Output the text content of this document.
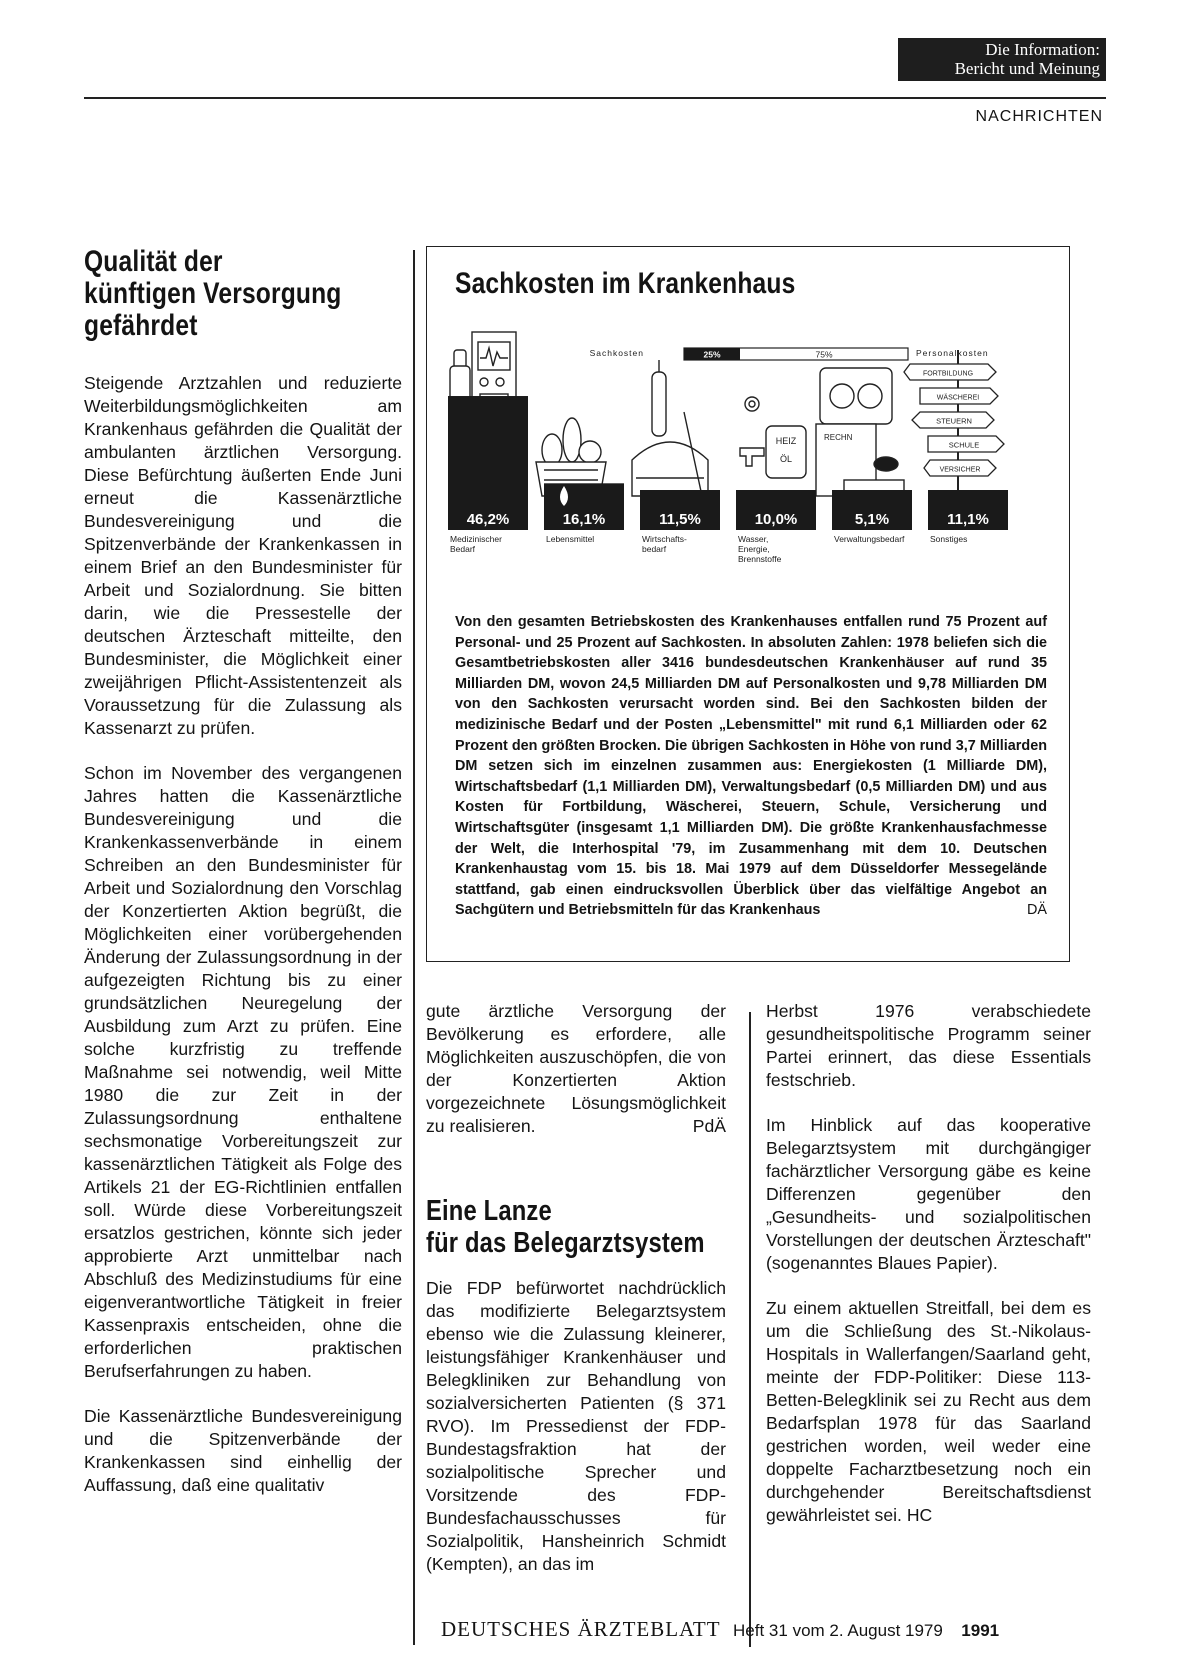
Die Information:
Bericht und Meinung
NACHRICHTEN
Qualität der
künftigen Versorgung
gefährdet

Steigende Arztzahlen und reduzierte Weiterbildungsmöglichkeiten am Krankenhaus gefährden die Qualität der ambulanten ärztlichen Versorgung. Diese Befürchtung äußerten Ende Juni erneut die Kassenärztliche Bundesvereinigung und die Spitzenverbände der Krankenkassen in einem Brief an den Bundesminister für Arbeit und Sozialordnung. Sie bitten darin, wie die Pressestelle der deutschen Ärzteschaft mitteilte, den Bundesminister, die Möglichkeit einer zweijährigen Pflicht-Assistentenzeit als Voraussetzung für die Zulassung als Kassenarzt zu prüfen.

Schon im November des vergangenen Jahres hatten die Kassenärztliche Bundesvereinigung und die Krankenkassenverbände in einem Schreiben an den Bundesminister für Arbeit und Sozialordnung den Vorschlag der Konzertierten Aktion begrüßt, die Möglichkeiten einer vorübergehenden Änderung der Zulassungsordnung in der aufgezeigten Richtung bis zu einer grundsätzlichen Neuregelung der Ausbildung zum Arzt zu prüfen. Eine solche kurzfristig zu treffende Maßnahme sei notwendig, weil Mitte 1980 die zur Zeit in der Zulassungsordnung enthaltene sechsmonatige Vorbereitungszeit zur kassenärztlichen Tätigkeit als Folge des Artikels 21 der EG-Richtlinien entfallen soll. Würde diese Vorbereitungszeit ersatzlos gestrichen, könnte sich jeder approbierte Arzt unmittelbar nach Abschluß des Medizinstudiums für eine eigenverantwortliche Tätigkeit in freier Kassenpraxis entscheiden, ohne die erforderlichen praktischen Berufserfahrungen zu haben.

Die Kassenärztliche Bundesvereinigung und die Spitzenverbände der Krankenkassen sind einhellig der Auffassung, daß eine qualitativ

Sachkosten im Krankenhaus
Sachkosten	25%	75%	Personalkosten
HEIZ
ÖL
RECHN
FORTBILDUNG
WÄSCHEREI
STEUERN
SCHULE
VERSICHER
46,2%	16,1%	11,5%	10,0%	5,1%	11,1%
Medizinischer Bedarf
Lebensmittel	Wirtschafts-bedarf
Wasser, Energie, Brennstoffe
Verwaltungsbedarf	Sonstiges
Von den gesamten Betriebskosten des Krankenhauses entfallen rund 75 Prozent auf Personal- und 25 Prozent auf Sachkosten. In absoluten Zahlen: 1978 beliefen sich die Gesamtbetriebskosten aller 3416 bundesdeutschen Krankenhäuser auf rund 35 Milliarden DM, wovon 24,5 Milliarden DM auf Personalkosten und 9,78 Milliarden DM von den Sachkosten verursacht worden sind. Bei den Sachkosten bilden der medizinische Bedarf und der Posten „Lebensmittel" mit rund 6,1 Milliarden oder 62 Prozent den größten Brocken. Die übrigen Sachkosten in Höhe von rund 3,7 Milliarden DM setzen sich im einzelnen zusammen aus: Energiekosten (1 Milliarde DM), Wirtschaftsbedarf (1,1 Milliarden DM), Verwaltungsbedarf (0,5 Milliarden DM) und aus Kosten für Fortbildung, Wäscherei, Steuern, Schule, Versicherung und Wirtschaftsgüter (insgesamt 1,1 Milliarden DM). Die größte Krankenhausfachmesse der Welt, die Interhospital '79, im Zusammenhang mit dem 10. Deutschen Krankenhaustag vom 15. bis 18. Mai 1979 auf dem Düsseldorfer Messegelände stattfand, gab einen eindrucksvollen Überblick über das vielfältige Angebot an Sachgütern und Betriebsmitteln für das Krankenhaus	DÄ
gute ärztliche Versorgung der Bevölkerung es erfordere, alle Möglichkeiten auszuschöpfen, die von der Konzertierten Aktion vorgezeichnete Lösungsmöglichkeit zu realisieren.	PdÄ
Eine Lanze
für das Belegarztsystem

Die FDP befürwortet nachdrücklich das modifizierte Belegarztsystem ebenso wie die Zulassung kleinerer, leistungsfähiger Krankenhäuser und Belegkliniken zur Behandlung von sozialversicherten Patienten (§ 371 RVO). Im Pressedienst der FDP-Bundestagsfraktion hat der sozialpolitische Sprecher und Vorsitzende des FDP-Bundesfachausschusses für Sozialpolitik, Hansheinrich Schmidt (Kempten), an das im

Herbst 1976 verabschiedete gesundheitspolitische Programm seiner Partei erinnert, das diese Essentials festschrieb.

Im Hinblick auf das kooperative Belegarztsystem mit durchgängiger fachärztlicher Versorgung gäbe es keine Differenzen gegenüber den „Gesundheits- und sozialpolitischen Vorstellungen der deutschen Ärzteschaft" (sogenanntes Blaues Papier).

Zu einem aktuellen Streitfall, bei dem es um die Schließung des St.-Nikolaus-Hospitals in Wallerfangen/Saarland geht, meinte der FDP-Politiker: Diese 113-Betten-Belegklinik sei zu Recht aus dem Bedarfsplan 1978 für das Saarland gestrichen worden, weil weder eine doppelte Facharztbesetzung noch ein durchgehender Bereitschaftsdienst gewährleistet sei. HC

DEUTSCHES ÄRZTEBLATT Heft 31 vom 2. August 1979 1991
